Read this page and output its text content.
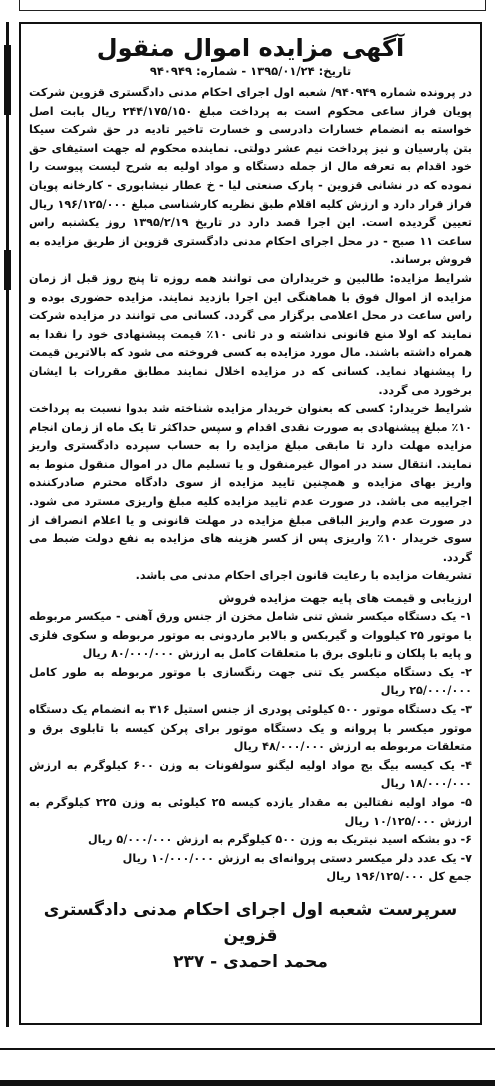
آگهی مزایده اموال منقول
تاریخ: ۱۳۹۵/۰۱/۲۴ - شماره: ۹۴۰۹۴۹

در پرونده شماره ۹۴۰۹۴۹/ شعبه اول اجرای احکام مدنی دادگستری قزوین شرکت پویان فراز ساعی محکوم است به پرداخت مبلغ ۲۴۴/۱۷۵/۱۵۰ ریال بابت اصل خواسته به انضمام خسارات دادرسی و خسارت تاخیر تادیه در حق شرکت سیکا بتن پارسیان و نیز پرداخت نیم عشر دولتی. نماینده محکوم له جهت استیفای حق خود اقدام به تعرفه مال از جمله دستگاه و مواد اولیه به شرح لیست پیوست را نموده که در نشانی قزوین - پارک صنعتی لیا - خ عطار نیشابوری - کارخانه پویان فراز قرار دارد و ارزش کلیه اقلام طبق نظریه کارشناسی مبلغ ۱۹۶/۱۲۵/۰۰۰ ریال تعیین گردیده است. این اجرا قصد دارد در تاریخ ۱۳۹۵/۲/۱۹ روز یکشنبه راس ساعت ۱۱ صبح - در محل اجرای احکام مدنی دادگستری قزوین از طریق مزایده به فروش برساند.

شرایط مزایده: طالبین و خریداران می توانند همه روزه تا پنج روز قبل از زمان مزایده از اموال فوق با هماهنگی این اجرا بازدید نمایند. مزایده حضوری بوده و راس ساعت در محل اعلامی برگزار می گردد. کسانی می توانند در مزایده شرکت نمایند که اولا منع قانونی نداشته و در ثانی ۱۰٪ قیمت پیشنهادی خود را نقدا به همراه داشته باشند. مال مورد مزایده به کسی فروخته می شود که بالاترین قیمت را پیشنهاد نماید. کسانی که در مزایده اخلال نمایند مطابق مقررات با ایشان برخورد می گردد.

شرایط خریدار: کسی که بعنوان خریدار مزایده شناخته شد بدوا نسبت به پرداخت ۱۰٪ مبلغ پیشنهادی به صورت نقدی اقدام و سپس حداکثر تا یک ماه از زمان انجام مزایده مهلت دارد تا مابقی مبلغ مزایده را به حساب سپرده دادگستری واریز نمایند. انتقال سند در اموال غیرمنقول و یا تسلیم مال در اموال منقول منوط به واریز بهای مزایده و همچنین تایید مزایده از سوی دادگاه محترم صادرکننده اجراییه می باشد. در صورت عدم تایید مزایده کلیه مبلغ واریزی مسترد می شود. در صورت عدم واریز الباقی مبلغ مزایده در مهلت قانونی و یا اعلام انصراف از سوی خریدار ۱۰٪ واریزی پس از کسر هزینه های مزایده به نفع دولت ضبط می گردد.

تشریفات مزایده با رعایت قانون اجرای احکام مدنی می باشد.

ارزیابی و قیمت های پایه جهت مزایده فروش

۱- یک دستگاه میکسر شش تنی شامل مخزن از جنس ورق آهنی - میکسر مربوطه با موتور ۲۵ کیلووات و گیربکس و بالابر ماردونی به موتور مربوطه و سکوی فلزی و پایه با پلکان و تابلوی برق با متعلقات کامل به ارزش ۸۰/۰۰۰/۰۰۰ ریال

۲- یک دستگاه میکسر یک تنی جهت رنگسازی با موتور مربوطه به طور کامل ۲۵/۰۰۰/۰۰۰ ریال

۳- یک دستگاه موتور ۵۰۰ کیلوئی پودری از جنس استیل ۳۱۶ به انضمام یک دستگاه موتور میکسر با پروانه و یک دستگاه موتور برای پرکن کیسه با تابلوی برق و متعلقات مربوطه به ارزش ۴۸/۰۰۰/۰۰۰ ریال

۴- یک کیسه بیگ بج مواد اولیه لیگنو سولفونات به وزن ۶۰۰ کیلوگرم به ارزش ۱۸/۰۰۰/۰۰۰ ریال

۵- مواد اولیه نفتالین به مقدار یازده کیسه ۲۵ کیلوئی به وزن ۲۲۵ کیلوگرم به ارزش ۱۰/۱۲۵/۰۰۰ ریال

۶- دو بشکه اسید نیتریک به وزن ۵۰۰ کیلوگرم به ارزش ۵/۰۰۰/۰۰۰ ریال

۷- یک عدد دلر میکسر دستی پروانه‌ای به ارزش ۱۰/۰۰۰/۰۰۰ ریال

جمع کل ۱۹۶/۱۲۵/۰۰۰ ریال

سرپرست شعبه اول اجرای احکام مدنی دادگستری قزوین
محمد احمدی - ۲۳۷
